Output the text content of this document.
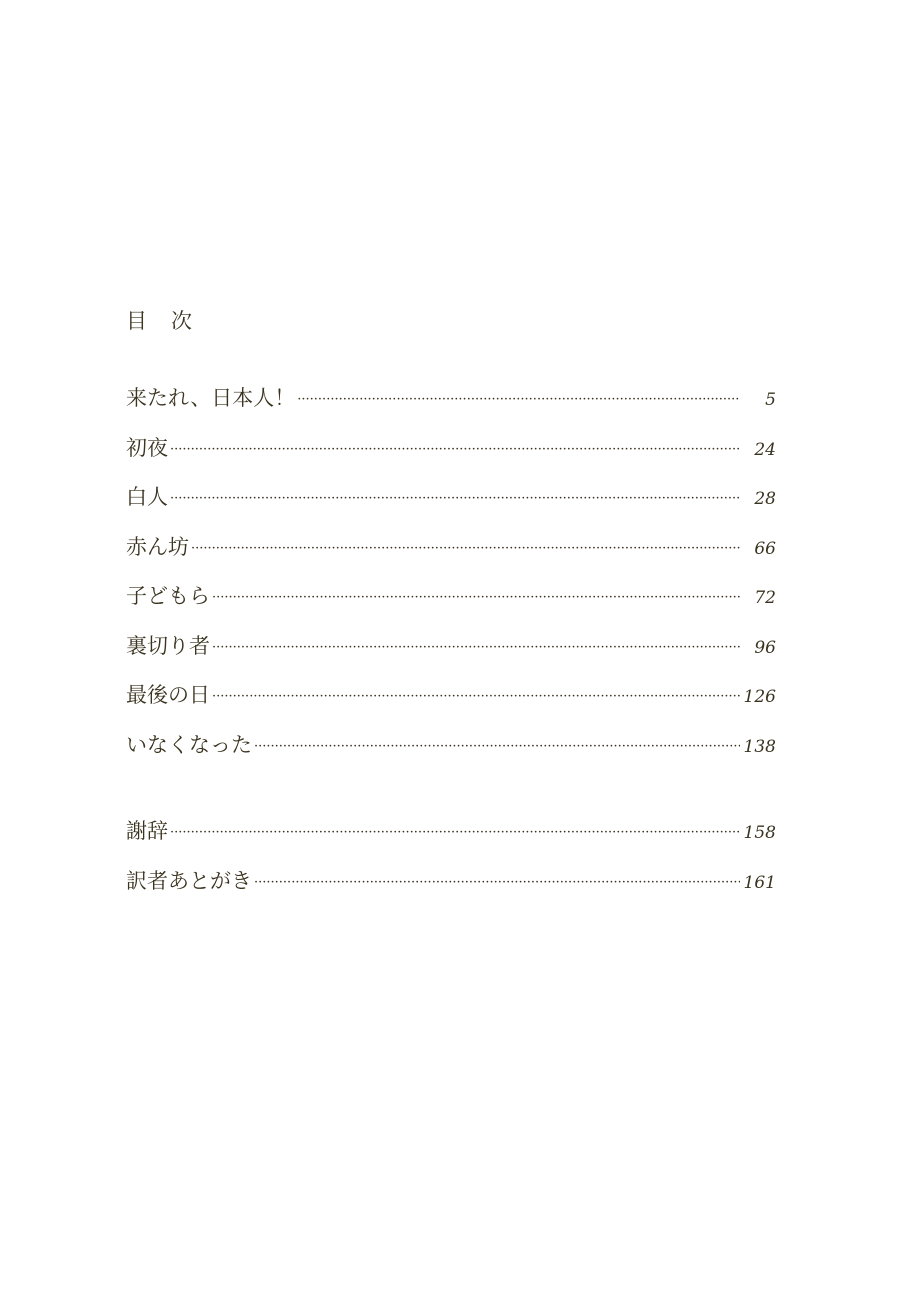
目 次
来たれ、日本人！ ·····	5
初夜 ·····	24
白人 ·····	28
赤ん坊 ·····	66
子どもら ·····	72
裏切り者 ·····	96
最後の日 ·····	126
いなくなった ·····	138
謝辞 ·····	158
訳者あとがき ·····	161
